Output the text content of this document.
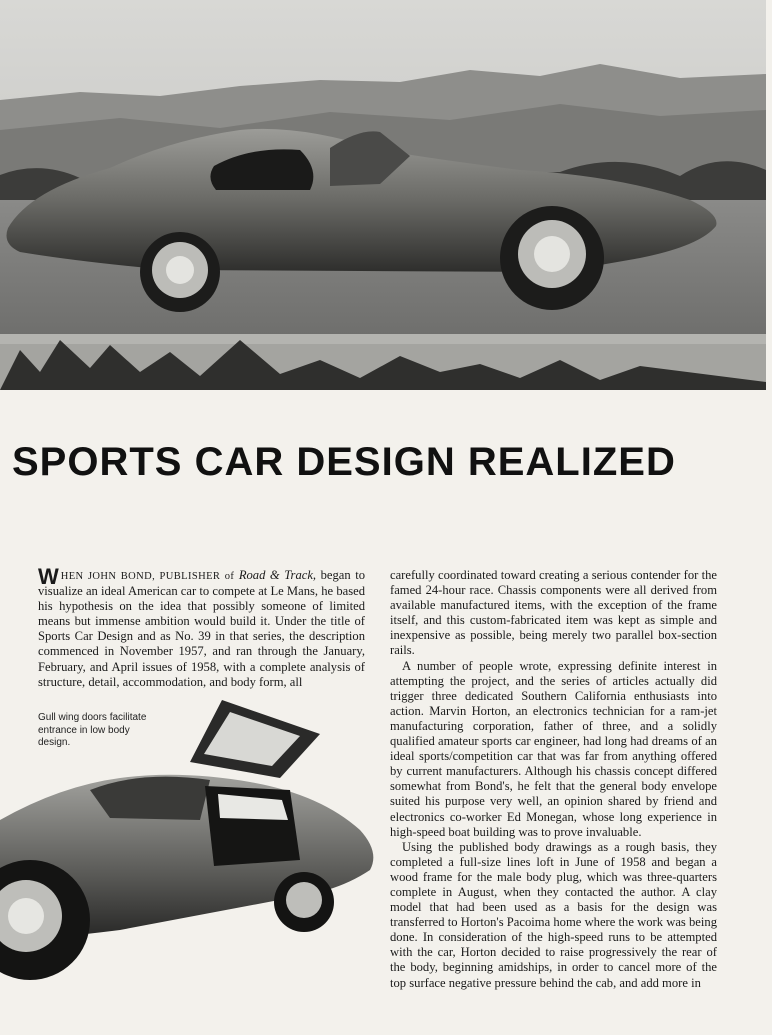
SPORTS CAR DESIGN REALIZED

WHEN JOHN BOND, PUBLISHER of Road & Track, began to visualize an ideal American car to compete at Le Mans, he based his hypothesis on the idea that possibly someone of limited means but immense ambition would build it. Under the title of Sports Car Design and as No. 39 in that series, the description commenced in November 1957, and ran through the January, February, and April issues of 1958, with a complete analysis of structure, detail, accommodation, and body form, all

Gull wing doors facilitate entrance in low body design.

carefully coordinated toward creating a serious contender for the famed 24-hour race. Chassis components were all derived from available manufactured items, with the exception of the frame itself, and this custom-fabricated item was kept as simple and inexpensive as possible, being merely two parallel box-section rails.

A number of people wrote, expressing definite interest in attempting the project, and the series of articles actually did trigger three dedicated Southern California enthusiasts into action. Marvin Horton, an electronics technician for a ram-jet manufacturing corporation, father of three, and a solidly qualified amateur sports car engineer, had long had dreams of an ideal sports/competition car that was far from anything offered by current manufacturers. Although his chassis concept differed somewhat from Bond's, he felt that the general body envelope suited his purpose very well, an opinion shared by friend and electronics co-worker Ed Monegan, whose long experience in high-speed boat building was to prove invaluable.

Using the published body drawings as a rough basis, they completed a full-size lines loft in June of 1958 and began a wood frame for the male body plug, which was three-quarters complete in August, when they contacted the author. A clay model that had been used as a basis for the design was transferred to Horton's Pacoima home where the work was being done. In consideration of the high-speed runs to be attempted with the car, Horton decided to raise progressively the rear of the body, beginning amidships, in order to cancel more of the top surface negative pressure behind the cab, and add more in
